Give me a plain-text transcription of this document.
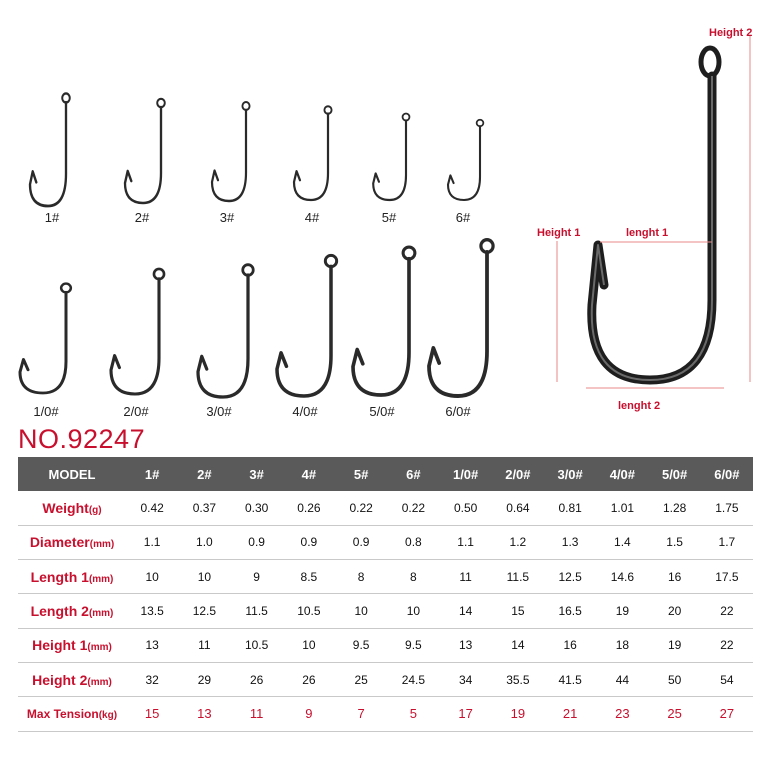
1#	2#	3#	4#	5#	6#
1/0#	2/0#	3/0#	4/0#	5/0#	6/0#
Height 2
Height 1	lenght 1
lenght 2
NO.92247
MODEL	1#	2#	3#	4#	5#	6#	1/0#	2/0#	3/0#	4/0#	5/0#	6/0#
Weight(g)	0.42	0.37	0.30	0.26	0.22	0.22	0.50	0.64	0.81	1.01	1.28	1.75
Diameter(mm)	1.1	1.0	0.9	0.9	0.9	0.8	1.1	1.2	1.3	1.4	1.5	1.7
Length 1(mm)	10	10	9	8.5	8	8	11	11.5	12.5	14.6	16	17.5
Length 2(mm)	13.5	12.5	11.5	10.5	10	10	14	15	16.5	19	20	22
Height 1(mm)	13	11	10.5	10	9.5	9.5	13	14	16	18	19	22
Height 2(mm)	32	29	26	26	25	24.5	34	35.5	41.5	44	50	54
Max Tension(kg)	15	13	11	9	7	5	17	19	21	23	25	27
